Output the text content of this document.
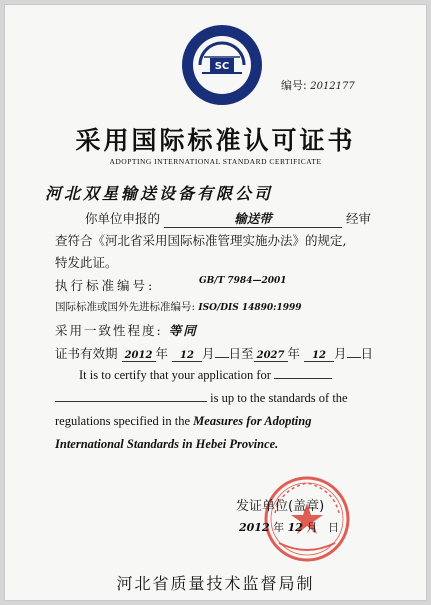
SC
编号: 2012177
采用国际标准认可证书
ADOPTING INTERNATIONAL STANDARD CERTIFICATE
河北双星输送设备有限公司
你单位申报的	输送带	经审
查符合《河北省采用国际标准管理实施办法》的规定,
特发此证。
执行标准编号:	GB/T 7984—2001
国际标准或国外先进标准编号: ISO/DIS 14890:1999
采用一致性程度: 等同
证书有效期 2012 年 12 月 日至 2027 年 12 月 日
It is to certify that your application for
is up to the standards of the
regulations specified in the Measures for Adopting
International Standards in Hebei Province.
发证单位(盖章)
2012 年 12 月 日
河北省质量技术监督局制
